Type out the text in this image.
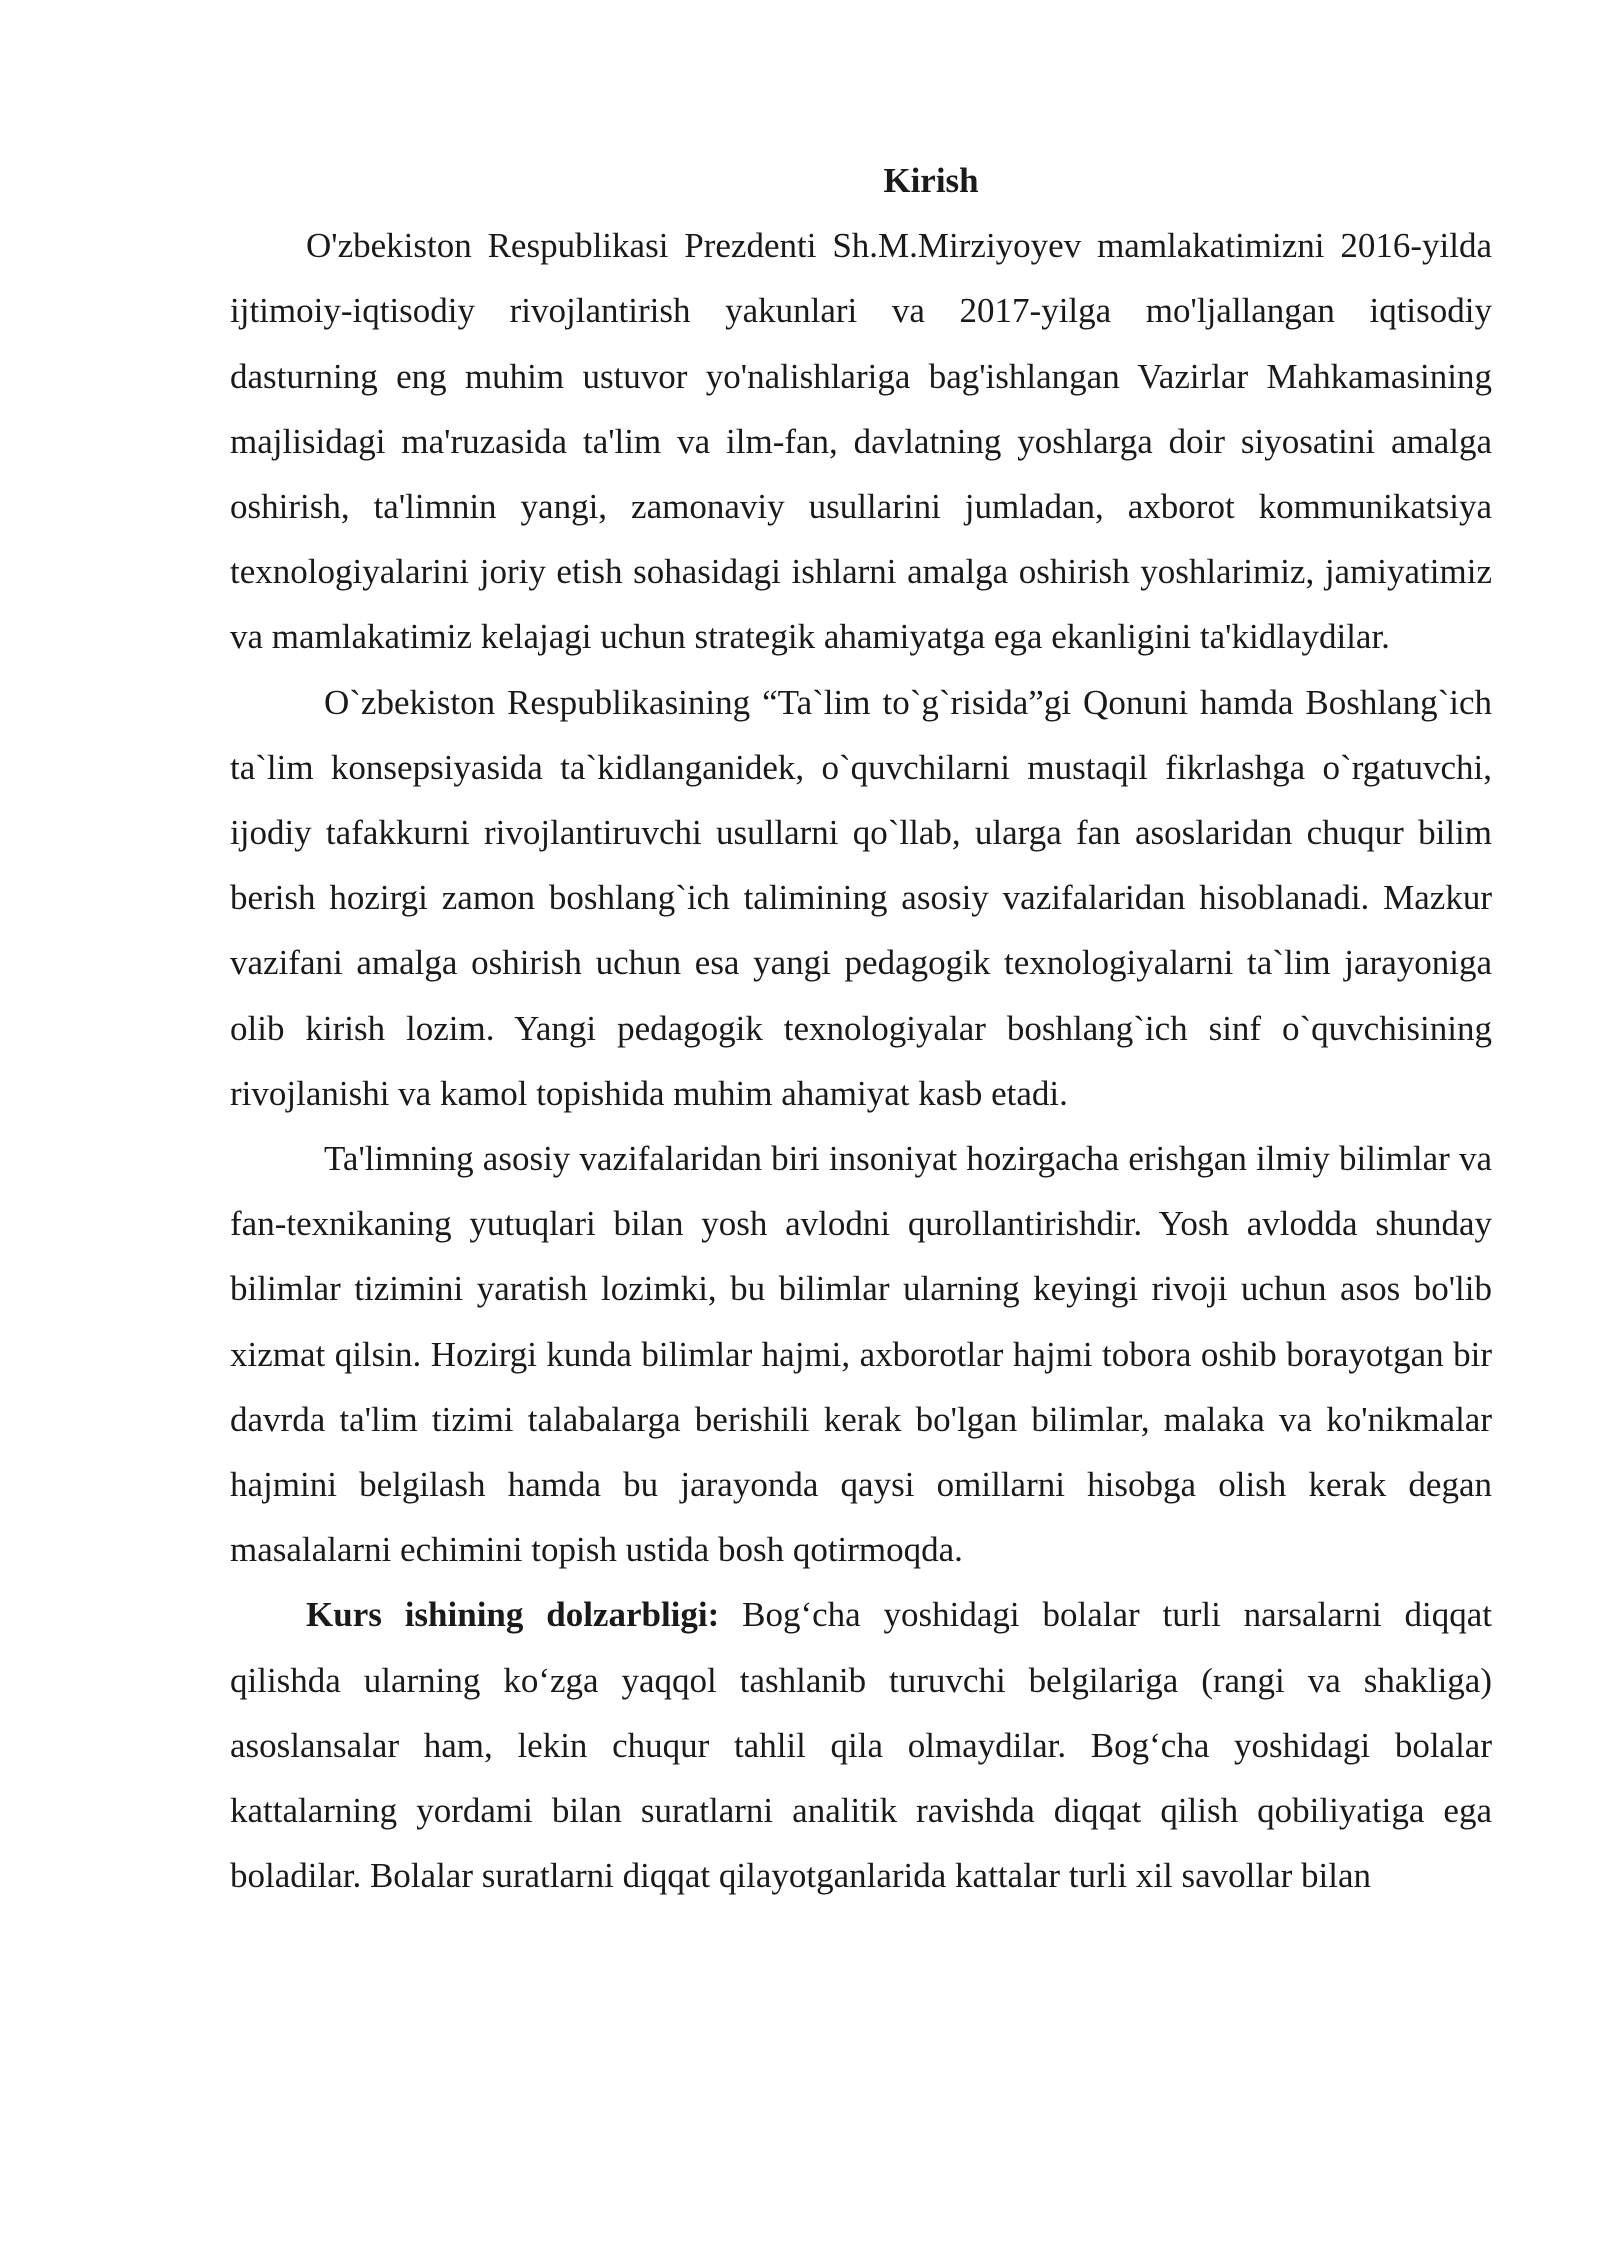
Kirish

O'zbekiston Respublikasi Prezdenti Sh.M.Mirziyoyev mamlakatimizni 2016-yilda ijtimoiy-iqtisodiy rivojlantirish yakunlari va 2017-yilga mo'ljallangan iqtisodiy dasturning eng muhim ustuvor yo'nalishlariga bag'ishlangan Vazirlar Mahkamasining majlisidagi ma'ruzasida ta'lim va ilm-fan, davlatning yoshlarga doir siyosatini amalga oshirish, ta'limnin yangi, zamonaviy usullarini jumladan, axborot kommunikatsiya texnologiyalarini joriy etish sohasidagi ishlarni amalga oshirish yoshlarimiz, jamiyatimiz va mamlakatimiz kelajagi uchun strategik ahamiyatga ega ekanligini ta'kidlaydilar.

O`zbekiston Respublikasining “Ta`lim to`g`risida”gi Qonuni hamda Boshlang`ich ta`lim konsepsiyasida ta`kidlanganidek, o`quvchilarni mustaqil fikrlashga o`rgatuvchi, ijodiy tafakkurni rivojlantiruvchi usullarni qo`llab, ularga fan asoslaridan chuqur bilim berish hozirgi zamon boshlang`ich talimining asosiy vazifalaridan hisoblanadi. Mazkur vazifani amalga oshirish uchun esa yangi pedagogik texnologiyalarni ta`lim jarayoniga olib kirish lozim. Yangi pedagogik texnologiyalar boshlang`ich sinf o`quvchisining rivojlanishi va kamol topishida muhim ahamiyat kasb etadi.

Ta'limning asosiy vazifalaridan biri insoniyat hozirgacha erishgan ilmiy bilimlar va fan-texnikaning yutuqlari bilan yosh avlodni qurollantirishdir. Yosh avlodda shunday bilimlar tizimini yaratish lozimki, bu bilimlar ularning keyingi rivoji uchun asos bo'lib xizmat qilsin. Hozirgi kunda bilimlar hajmi, axborotlar hajmi tobora oshib borayotgan bir davrda ta'lim tizimi talabalarga berishili kerak bo'lgan bilimlar, malaka va ko'nikmalar hajmini belgilash hamda bu jarayonda qaysi omillarni hisobga olish kerak degan masalalarni echimini topish ustida bosh qotirmoqda.

Kurs ishining dolzarbligi: Bog‘cha yoshidagi bolalar turli narsalarni diqqat qilishda ularning ko‘zga yaqqol tashlanib turuvchi belgilariga (rangi va shakliga) asoslansalar ham, lekin chuqur tahlil qila olmaydilar. Bog‘cha yoshidagi bolalar kattalarning yordami bilan suratlarni analitik ravishda diqqat qilish qobiliyatiga ega boladilar. Bolalar suratlarni diqqat qilayotganlarida kattalar turli xil savollar bilan
